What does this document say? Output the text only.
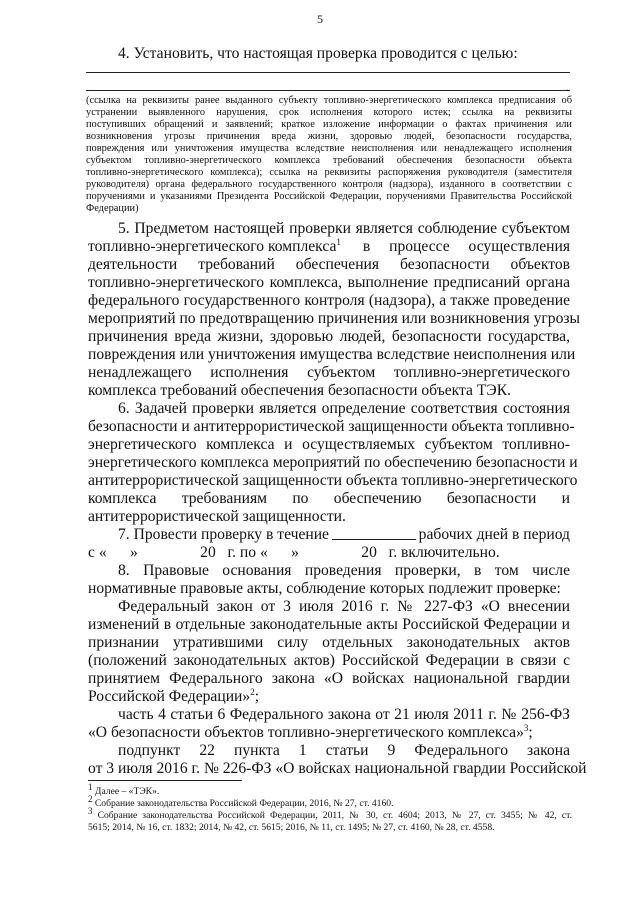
5
4. Установить, что настоящая проверка проводится с целью:
.
(ссылка на реквизиты ранее выданного субъекту топливно-энергетического комплекса предписания об
устранении выявленного нарушения, срок исполнения которого истек; ссылка на реквизиты
поступивших обращений и заявлений; краткое изложение информации о фактах причинения или
возникновения угрозы причинения вреда жизни, здоровью людей, безопасности государства,
повреждения или уничтожения имущества вследствие неисполнения или ненадлежащего исполнения
субъектом топливно-энергетического комплекса требований обеспечения безопасности объекта
топливно-энергетического комплекса); ссылка на реквизиты распоряжения руководителя (заместителя
руководителя) органа федерального государственного контроля (надзора), изданного в соответствии с
поручениями и указаниями Президента Российской Федерации, поручениями Правительства Российской
Федерации)
5. Предметом настоящей проверки является соблюдение субъектом
топливно-энергетического комплекса$^1$ в процессе осуществления
деятельности требований обеспечения безопасности объектов
топливно-энергетического комплекса, выполнение предписаний органа
федерального государственного контроля (надзора), а также проведение
мероприятий по предотвращению причинения или возникновения угрозы
причинения вреда жизни, здоровью людей, безопасности государства,
повреждения или уничтожения имущества вследствие неисполнения или
ненадлежащего исполнения субъектом топливно-энергетического
комплекса требований обеспечения безопасности объекта ТЭК.
6. Задачей проверки является определение соответствия состояния
безопасности и антитеррористической защищенности объекта топливно-
энергетического комплекса и осуществляемых субъектом топливно-
энергетического комплекса мероприятий по обеспечению безопасности и
антитеррористической защищенности объекта топливно-энергетического
комплекса требованиям по обеспечению безопасности и
антитеррористической защищенности.
7. Провести проверку в течение	рабочих дней в период
с «      »                20   г. по «      »                20   г. включительно.
8. Правовые основания проведения проверки, в том числе
нормативные правовые акты, соблюдение которых подлежит проверке:
Федеральный закон от 3 июля 2016 г. № 227-ФЗ «О внесении
изменений в отдельные законодательные акты Российской Федерации и
признании утратившими силу отдельных законодательных актов
(положений законодательных актов) Российской Федерации в связи с
принятием Федерального закона «О войсках национальной гвардии
Российской Федерации»$^2$;
часть 4 статьи 6 Федерального закона от 21 июля 2011 г. № 256-ФЗ
«О безопасности объектов топливно-энергетического комплекса»$^3$;
подпункт 22 пункта 1 статьи 9 Федерального закона
от 3 июля 2016 г. № 226-ФЗ «О войсках национальной гвардии Российской
$^1$ Далее – «ТЭК».
$^2$ Собрание законодательства Российской Федерации, 2016, № 27, ст. 4160.
$^3$ Собрание законодательства Российской Федерации, 2011, № 30, ст. 4604; 2013, № 27, ст. 3455; № 42, ст.
5615; 2014, № 16, ст. 1832; 2014, № 42, ст. 5615; 2016, № 11, ст. 1495; № 27, ст. 4160, № 28, ст. 4558.
